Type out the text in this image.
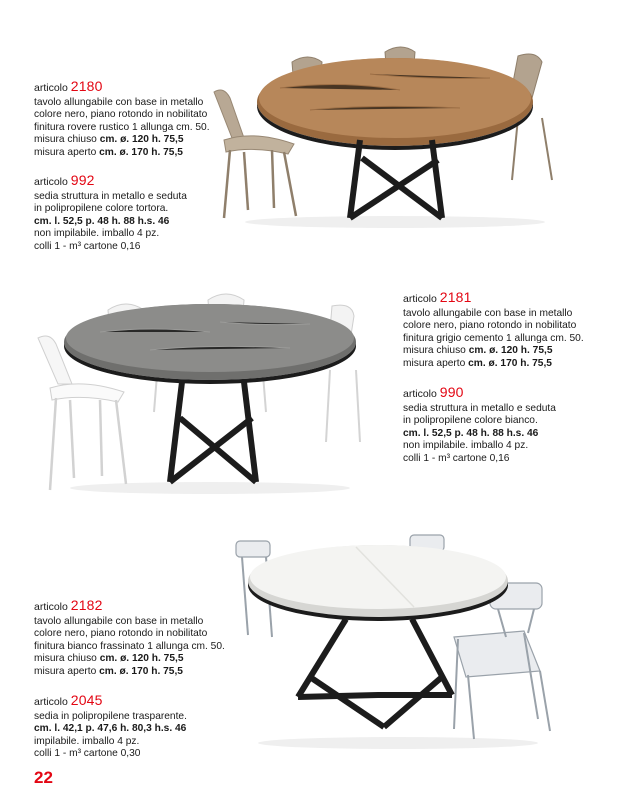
articolo 2180
tavolo allungabile con base in metallo
colore nero, piano rotondo in nobilitato
finitura rovere rustico 1 allunga cm. 50.
misura chiuso cm. ø. 120 h. 75,5
misura aperto cm. ø. 170 h. 75,5
articolo 992
sedia struttura in metallo e seduta
in polipropilene colore tortora.
cm. l. 52,5 p. 48 h. 88 h.s. 46
non impilabile. imballo 4 pz.
colli 1 - m³ cartone 0,16
articolo 2181
tavolo allungabile con base in metallo
colore nero, piano rotondo in nobilitato
finitura grigio cemento 1 allunga cm. 50.
misura chiuso cm. ø. 120 h. 75,5
misura aperto cm. ø. 170 h. 75,5
articolo 990
sedia struttura in metallo e seduta
in polipropilene colore bianco.
cm. l. 52,5 p. 48 h. 88 h.s. 46
non impilabile. imballo 4 pz.
colli 1 - m³ cartone 0,16
articolo 2182
tavolo allungabile con base in metallo
colore nero, piano rotondo in nobilitato
finitura bianco frassinato 1 allunga cm. 50.
misura chiuso cm. ø. 120 h. 75,5
misura aperto cm. ø. 170 h. 75,5
articolo 2045
sedia in polipropilene trasparente.
cm. l. 42,1 p. 47,6 h. 80,3 h.s. 46
impilabile. imballo 4 pz.
colli 1 - m³ cartone 0,30
22
